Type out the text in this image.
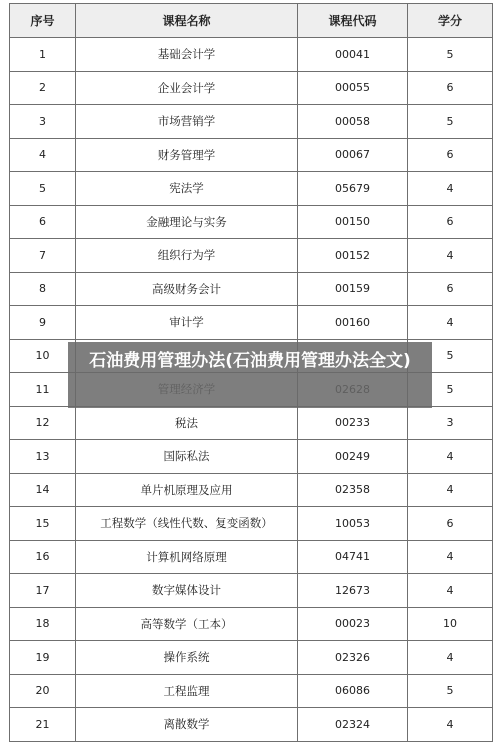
序号	课程名称	课程代码	学分
1	基础会计学	00041	5
2	企业会计学	00055	6
3	市场营销学	00058	5
4	财务管理学	00067	6
5	宪法学	05679	4
6	金融理论与实务	00150	6
7	组织行为学	00152	4
8	高级财务会计	00159	6
9	审计学	00160	4
10			5
11			5
12	税法	00233	3
13	国际私法	00249	4
14	单片机原理及应用	02358	4
15	工程数学（线性代数、复变函数）	10053	6
16	计算机网络原理	04741	4
17	数字媒体设计	12673	4
18	高等数学（工本）	00023	10
19	操作系统	02326	4
20	工程监理	06086	5
21	离散数学	02324	4
石油费用管理办法(石油费用管理办法全文)
